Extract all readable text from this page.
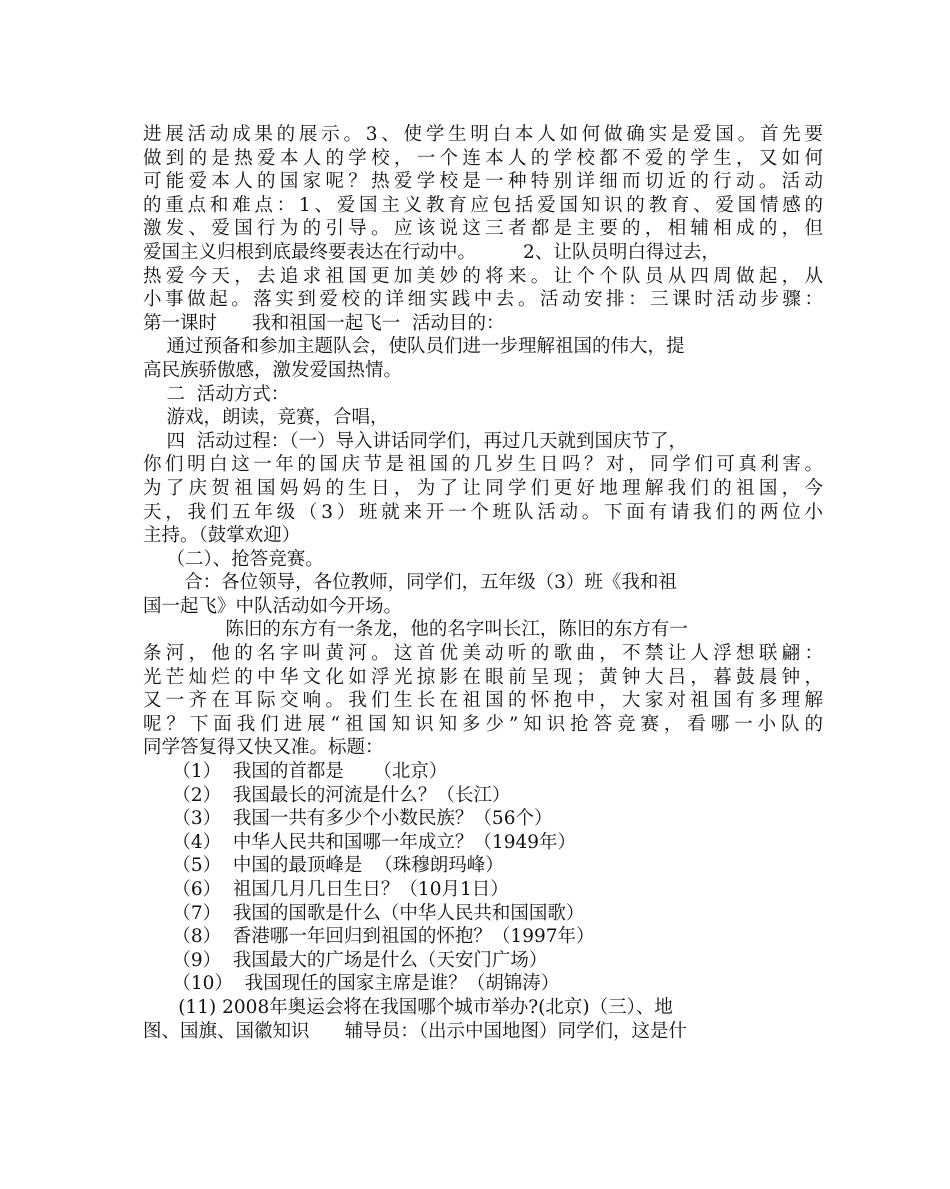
进展活动成果的展示。3、使学生明白本人如何做确实是爱国。首先要
做到的是热爱本人的学校，一个连本人的学校都不爱的学生，又如何
可能爱本人的国家呢？热爱学校是一种特别详细而切近的行动。活动
的重点和难点：1、爱国主义教育应包括爱国知识的教育、爱国情感的
激发、爱国行为的引导。应该说这三者都是主要的，相辅相成的，但
爱国主义归根到底最终要表达在行动中。        2、让队员明白得过去，
热爱今天，去追求祖国更加美妙的将来。让个个队员从四周做起，从
小事做起。落实到爱校的详细实践中去。活动安排：三课时活动步骤：
第一课时      我和祖国一起飞一  活动目的：
通过预备和参加主题队会，使队员们进一步理解祖国的伟大，提
高民族骄傲感，激发爱国热情。
二  活动方式：
游戏，朗读，竞赛，合唱，
四  活动过程：（一）导入讲话同学们，再过几天就到国庆节了，
你们明白这一年的国庆节是祖国的几岁生日吗？对，同学们可真利害。
为了庆贺祖国妈妈的生日，为了让同学们更好地理解我们的祖国，今
天，我们五年级（3）班就来开一个班队活动。下面有请我们的两位小
主持。（鼓掌欢迎）
（二）、抢答竞赛。
合：各位领导，各位教师，同学们，五年级（3）班《我和祖
国一起飞》中队活动如今开场。
陈旧的东方有一条龙，他的名字叫长江，陈旧的东方有一
条河，他的名字叫黄河。这首优美动听的歌曲，不禁让人浮想联翩：
光芒灿烂的中华文化如浮光掠影在眼前呈现；黄钟大吕，暮鼓晨钟，
又一齐在耳际交响。我们生长在祖国的怀抱中，大家对祖国有多理解
呢？下面我们进展“祖国知识知多少”知识抢答竞赛，看哪一小队的
同学答复得又快又准。标题：
（1）  我国的首都是     （北京）
（2）  我国最长的河流是什么？（长江）
（3）  我国一共有多少个小数民族？（56个）
（4）  中华人民共和国哪一年成立？（1949年）
（5）  中国的最顶峰是  （珠穆朗玛峰）
（6）  祖国几月几日生日？（10月1日）
（7）  我国的国歌是什么（中华人民共和国国歌）
（8）  香港哪一年回归到祖国的怀抱？（1997年）
（9）  我国最大的广场是什么（天安门广场）
（10）  我国现任的国家主席是谁？（胡锦涛）
(11) 2008年奥运会将在我国哪个城市举办?(北京)（三）、地
图、国旗、国徽知识      辅导员：（出示中国地图）同学们，这是什
